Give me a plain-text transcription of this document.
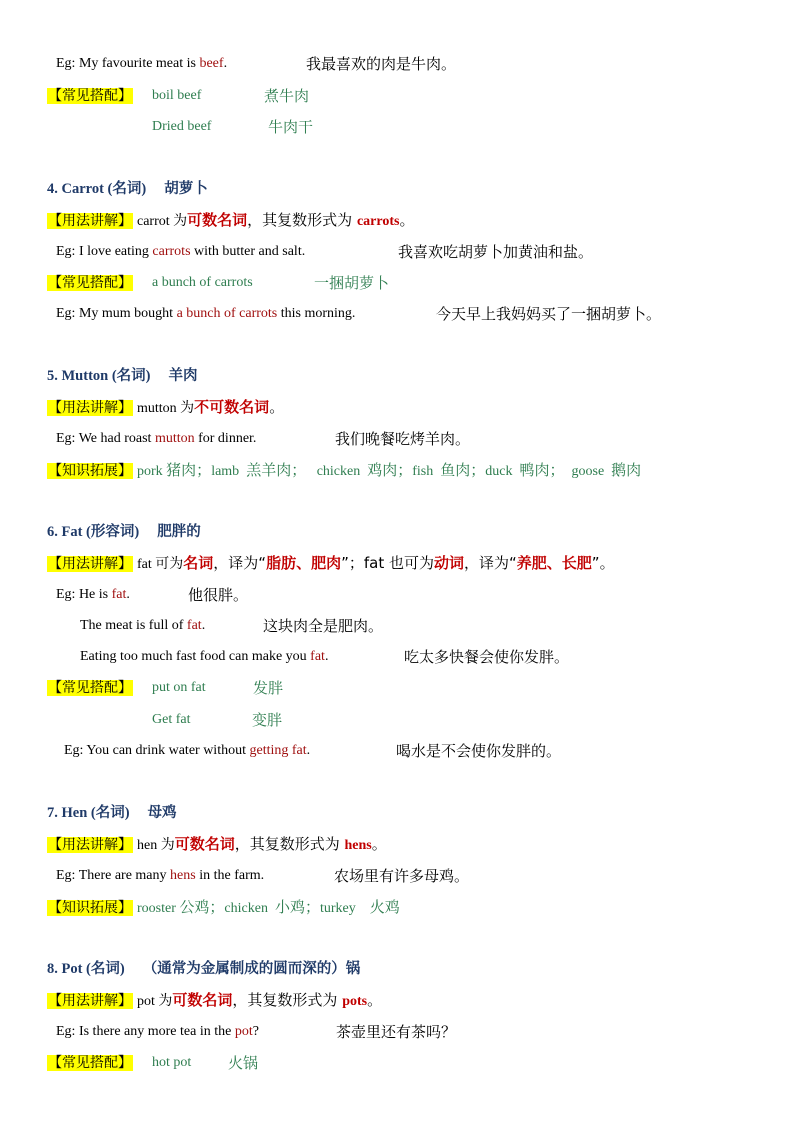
Eg: My favourite meat is beef.	我最喜欢的肉是牛肉。
【常见搭配】	boil beef	煮牛肉
Dried beef	牛肉干
4. Carrot (名词) 胡萝卜
【用法讲解】 carrot 为可数名词，其复数形式为 carrots。
Eg: I love eating carrots with butter and salt.	我喜欢吃胡萝卜加黄油和盐。
【常见搭配】	a bunch of carrots	一捆胡萝卜
Eg: My mum bought a bunch of carrots this morning.	今天早上我妈妈买了一捆胡萝卜。
5. Mutton (名词) 羊肉
【用法讲解】 mutton 为不可数名词。
Eg: We had roast mutton for dinner.	我们晚餐吃烤羊肉。
【知识拓展】 pork 猪肉；lamb 羔羊肉； chicken 鸡肉；fish 鱼肉；duck 鸭肉； goose 鹅肉
6. Fat (形容词) 肥胖的
【用法讲解】 fat 可为名词，译为“脂肪、肥肉”；fat 也可为动词，译为“养肥、长肥”。
Eg: He is fat.	他很胖。
The meat is full of fat.	这块肉全是肥肉。
Eating too much fast food can make you fat.	吃太多快餐会使你发胖。
【常见搭配】	put on fat	发胖
Get fat	变胖
Eg: You can drink water without getting fat.	喝水是不会使你发胖的。
7. Hen (名词) 母鸡
【用法讲解】 hen 为可数名词，其复数形式为 hens。
Eg: There are many hens in the farm.	农场里有许多母鸡。
【知识拓展】 rooster 公鸡；chicken 小鸡；turkey 火鸡
8. Pot (名词) （通常为金属制成的圆而深的）锅
【用法讲解】 pot 为可数名词，其复数形式为 pots。
Eg: Is there any more tea in the pot?	茶壶里还有茶吗？
【常见搭配】	hot pot 火锅
